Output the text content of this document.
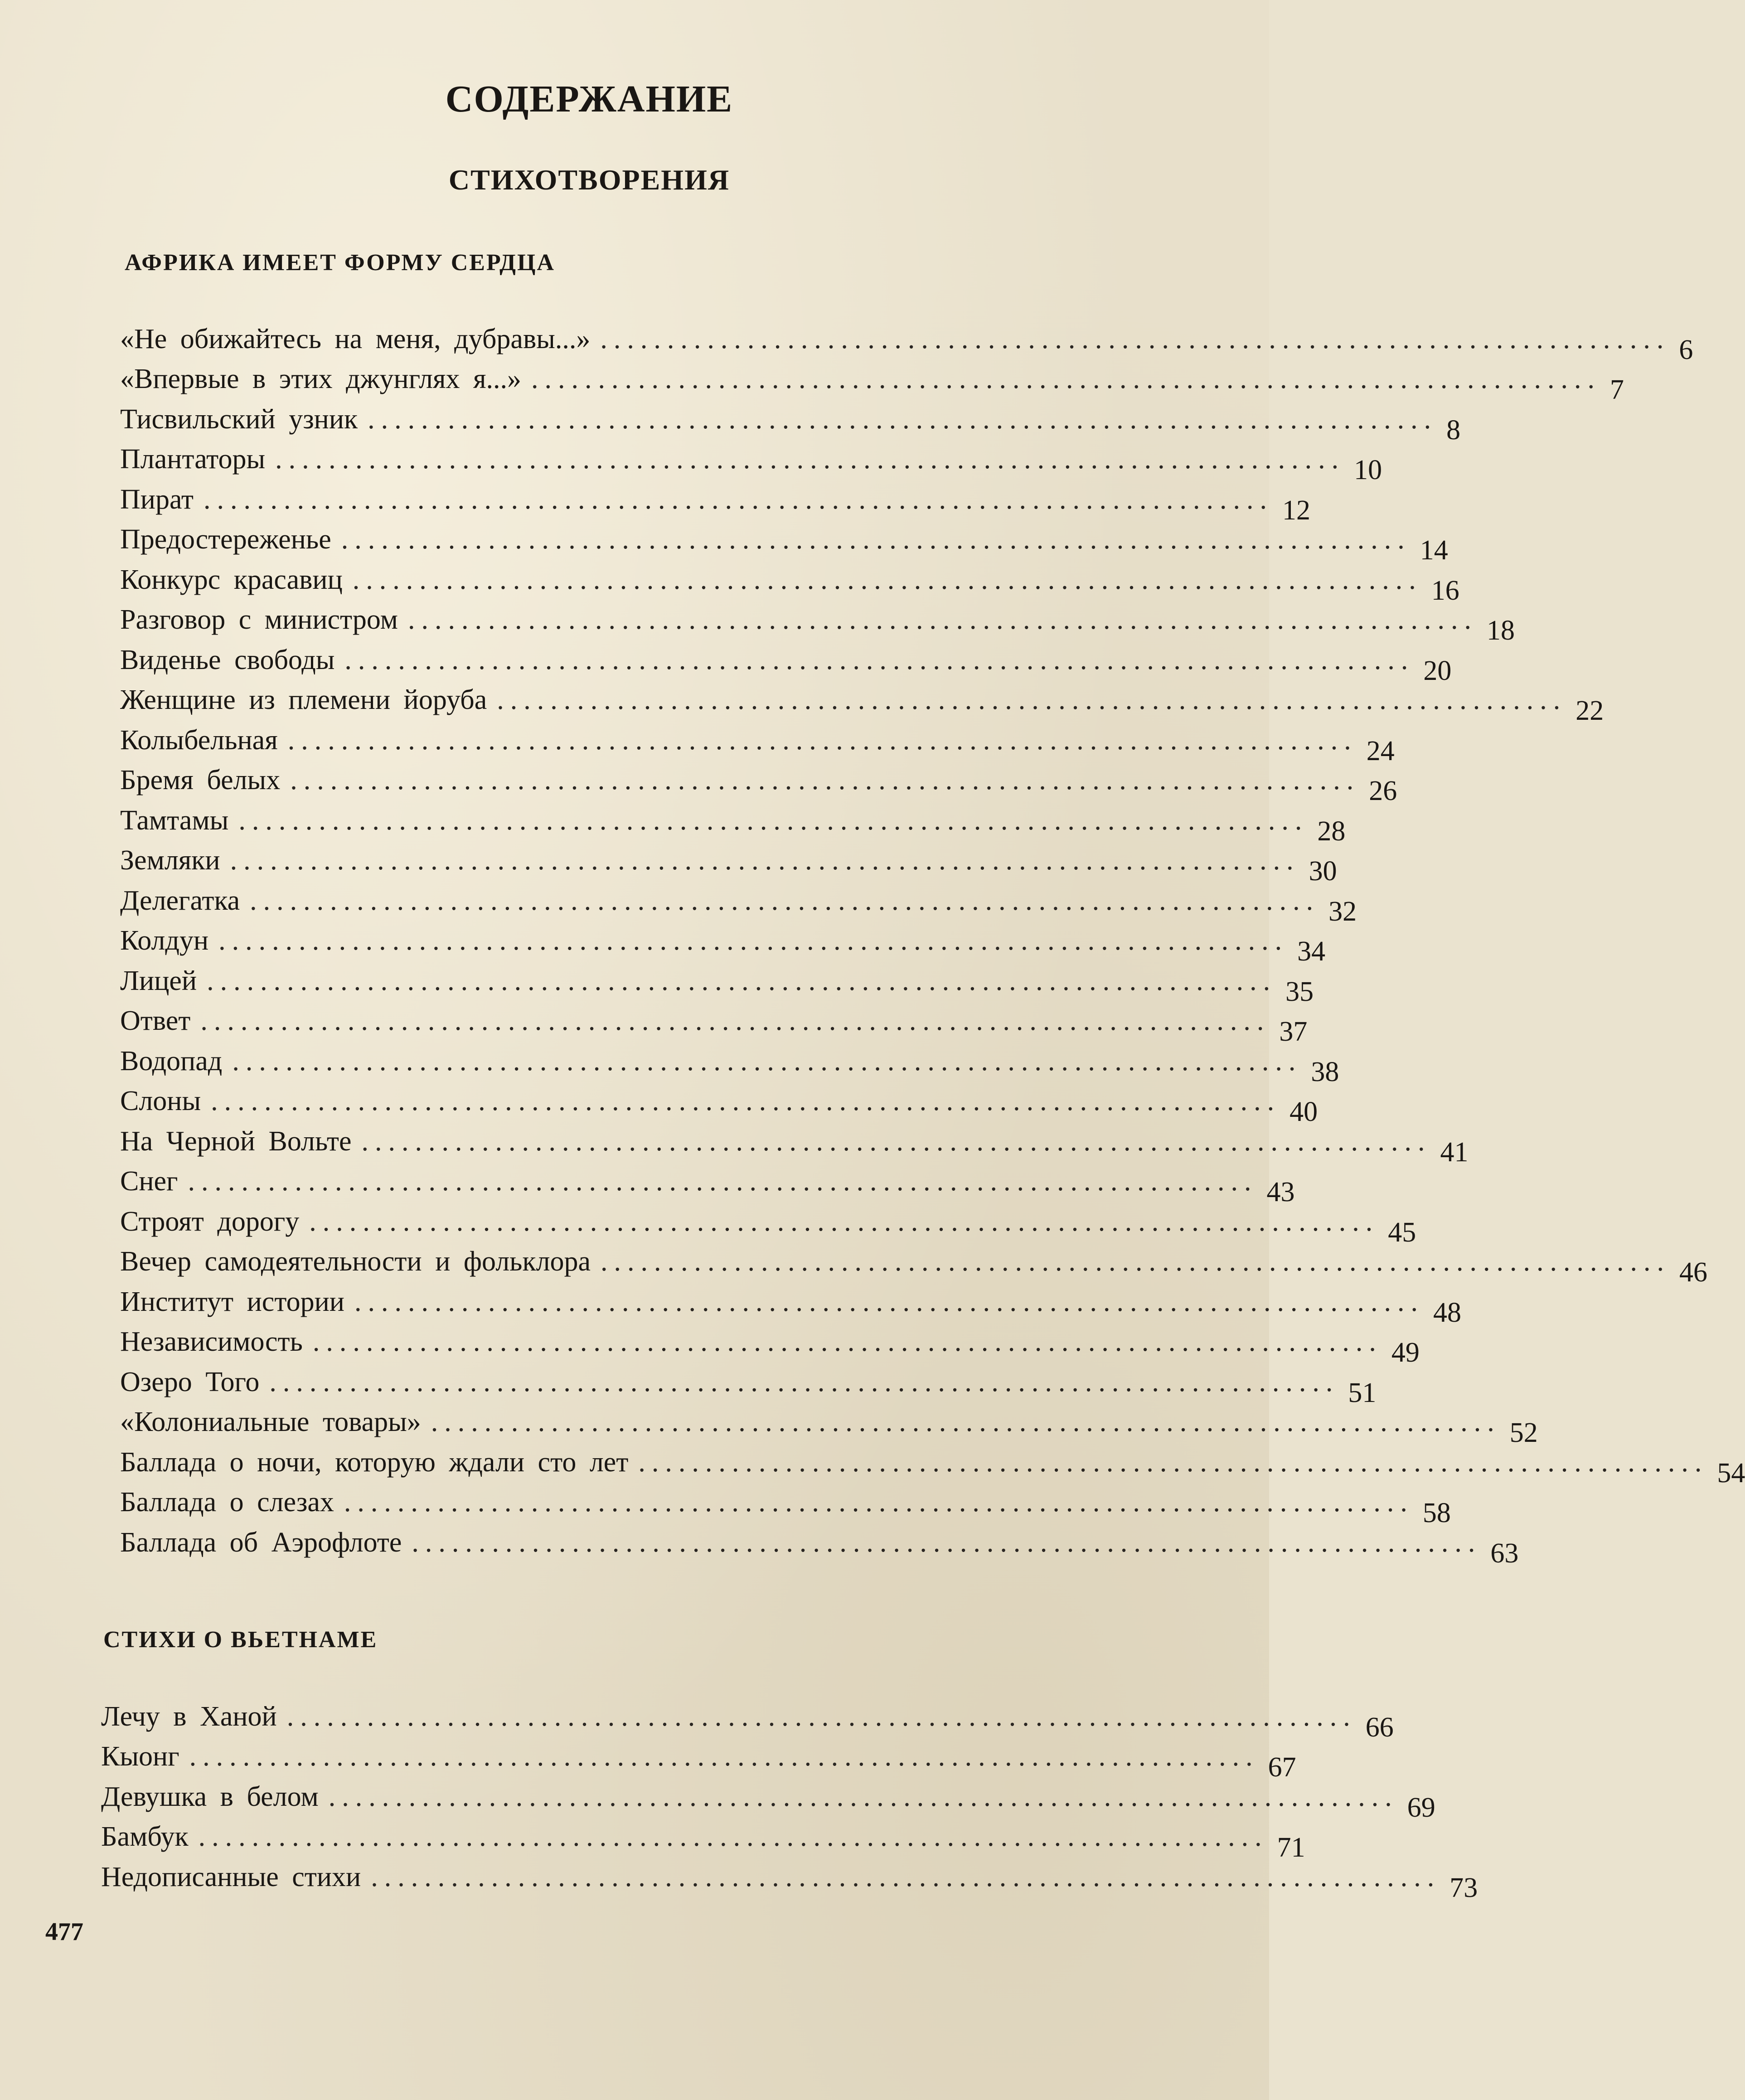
СОДЕРЖАНИЕ
СТИХОТВОРЕНИЯ
АФРИКА ИМЕЕТ ФОРМУ СЕРДЦА
«Не обижайтесь на меня, дубравы...» ................................................................................ 6
«Впервые в этих джунглях я...» ................................................................................ 7
Тисвильский узник ................................................................................ 8
Плантаторы ................................................................................ 10
Пират ................................................................................ 12
Предостереженье ................................................................................ 14
Конкурс красавиц ................................................................................ 16
Разговор с министром ................................................................................ 18
Виденье свободы ................................................................................ 20
Женщине из племени йоруба ................................................................................ 22
Колыбельная ................................................................................ 24
Бремя белых ................................................................................ 26
Тамтамы ................................................................................ 28
Земляки ................................................................................ 30
Делегатка ................................................................................ 32
Колдун ................................................................................ 34
Лицей ................................................................................ 35
Ответ ................................................................................ 37
Водопад ................................................................................ 38
Слоны ................................................................................ 40
На Черной Вольте ................................................................................ 41
Снег ................................................................................ 43
Строят дорогу ................................................................................ 45
Вечер самодеятельности и фольклора ................................................................................ 46
Институт истории ................................................................................ 48
Независимость ................................................................................ 49
Озеро Того ................................................................................ 51
«Колониальные товары» ................................................................................ 52
Баллада о ночи, которую ждали сто лет ................................................................................ 54
Баллада о слезах ................................................................................ 58
Баллада об Аэрофлоте ................................................................................ 63
СТИХИ О ВЬЕТНАМЕ
Лечу в Ханой ................................................................................ 66
Кыонг ................................................................................ 67
Девушка в белом ................................................................................ 69
Бамбук ................................................................................ 71
Недописанные стихи ................................................................................ 73
477
